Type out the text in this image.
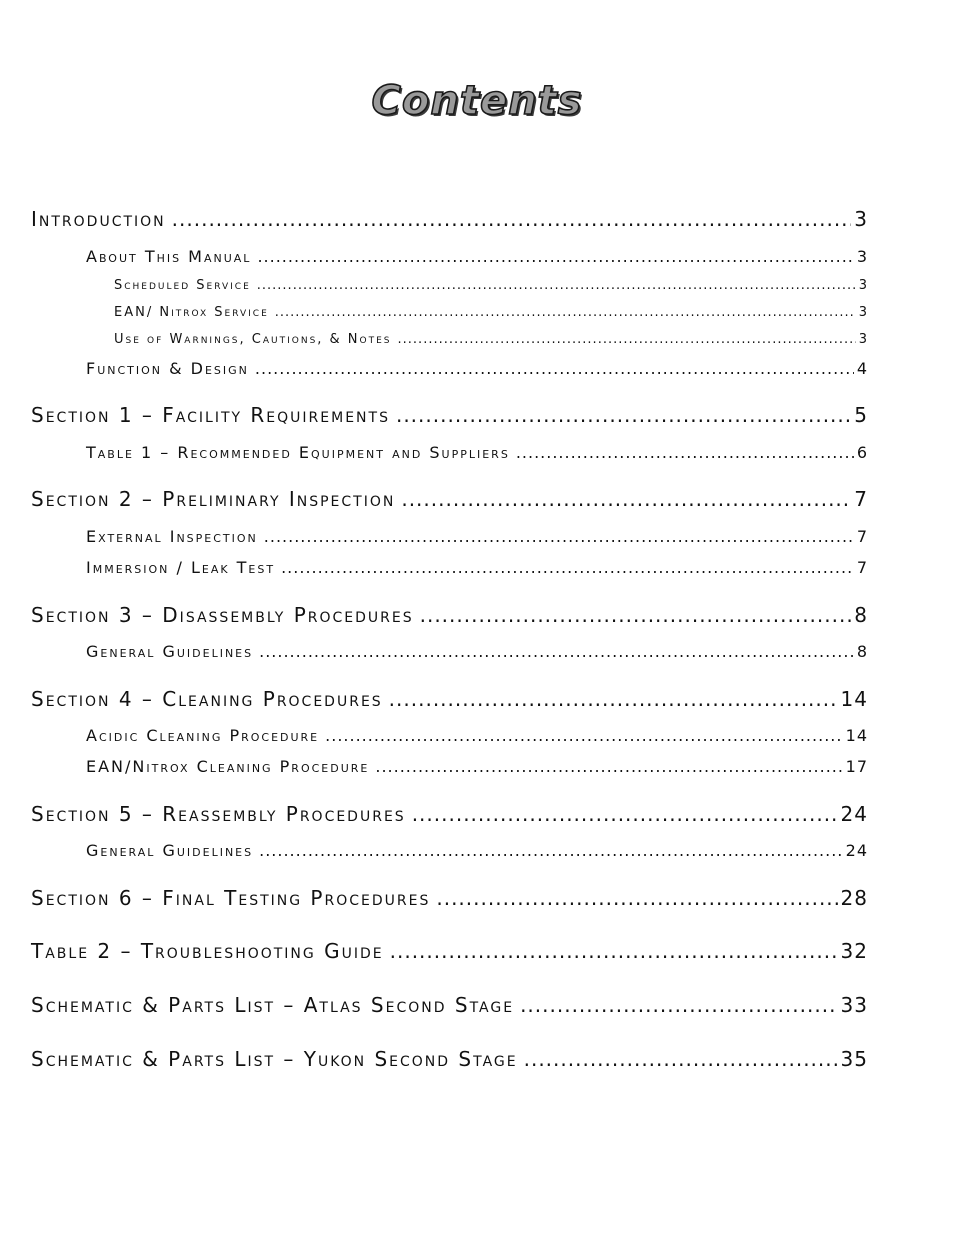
Contents
Introduction .....	3
About This Manual .....	3
Scheduled Service .....	3
EAN/ Nitrox Service .....	3
Use of Warnings, Cautions, & Notes .....	3
Function & Design .....	4
Section 1 – Facility Requirements .....	5
Table 1 – Recommended Equipment and Suppliers .....	6
Section 2 – Preliminary Inspection .....	7
External Inspection .....	7
Immersion / Leak Test .....	7
Section 3 – Disassembly Procedures .....	8
General Guidelines .....	8
Section 4 – Cleaning Procedures .....	14
Acidic Cleaning Procedure .....	14
EAN/Nitrox Cleaning Procedure .....	17
Section 5 – Reassembly Procedures .....	24
General Guidelines .....	24
Section 6 – Final Testing Procedures .....	28
Table 2 – Troubleshooting Guide .....	32
Schematic & Parts List – Atlas Second Stage .....	33
Schematic & Parts List – Yukon Second Stage .....	35
